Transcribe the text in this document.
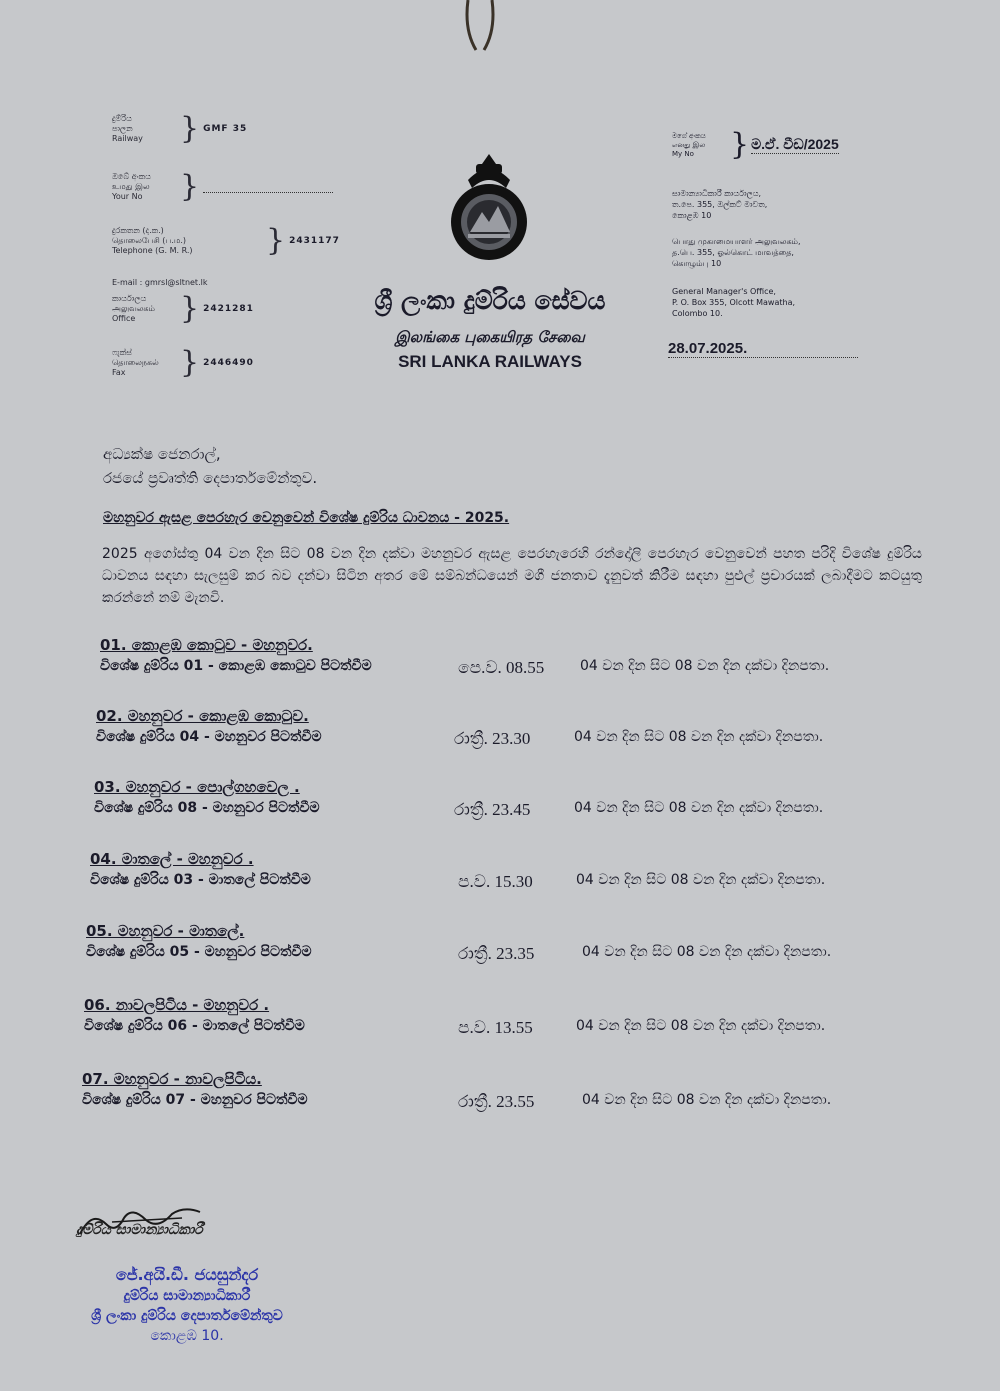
දුම්රිය
පාලන
Railway	} GMF 35
ඔබේ අංකය
உமது இல
Your No	}
දුරකතන (ද.ක.)
தொலைபேசி (ப.ம.)
Telephone (G. M. R.)	} 2431177
E-mail : gmrsl@sltnet.lk
කාර්යාලය
அலுவலகம்
Office	} 2421281
ෆැක්ස්
தொலைநகல்
Fax	} 2446490
ශ්‍රී ලංකා දුම්රිය සේවය
இலங்கை புகையிரத சேவை
SRI LANKA RAILWAYS
මගේ අංකය
எனது இல
My No	} ම.ඒ. වීඩ/2025
සාමාන්‍යාධිකාරී කාර්යාලය,
ත.පෙ. 355, ඔල්කට් මාවත,
කොළඹ 10
பொது முகாமையாளர் அலுவலகம்,
த.பெ. 355, ஓல்கொட் மாவத்தை,
கொழும்பு 10
General Manager's Office,
P. O. Box 355, Olcott Mawatha,
Colombo 10.
28.07.2025.
අධ්‍යක්ෂ ජෙනරාල්,
රජයේ ප්‍රවෘත්ති දෙපාර්තමේන්තුව.
මහනුවර ඇසළ පෙරහැර වෙනුවෙන් විශේෂ දුම්රිය ධාවනය - 2025.
2025 අගෝස්තු 04 වන දින සිට 08 වන දින දක්වා මහනුවර ඇසළ පෙරහැරෙහි රන්දෝලි පෙරහැර වෙනුවෙන් පහත පරිදි විශේෂ දුම්රිය ධාවනය සඳහා සැලසුම් කර බව දන්වා සිටින අතර මේ සම්බන්ධයෙන් මගී ජනතාව දැනුවත් කිරීම සඳහා පුළුල් ප්‍රචාරයක් ලබාදීමට කටයුතු කරන්නේ නම් මැනවි.
01. කොළඹ කොටුව - මහනුවර.
විශේෂ දුම්රිය 01 - කොළඹ කොටුව පිටත්වීම	පෙ.ව. 08.55	04 වන දින සිට 08 වන දින දක්වා දිනපතා.
02. මහනුවර - කොළඹ කොටුව.
විශේෂ දුම්රිය 04 - මහනුවර පිටත්වීම	රාත්‍රී. 23.30	04 වන දින සිට 08 වන දින දක්වා දිනපතා.
03. මහනුවර - පොල්ගහවෙල .
විශේෂ දුම්රිය 08 - මහනුවර පිටත්වීම	රාත්‍රී. 23.45	04 වන දින සිට 08 වන දින දක්වා දිනපතා.
04. මාතලේ - මහනුවර .
විශේෂ දුම්රිය 03 - මාතලේ පිටත්වීම	ප.ව. 15.30	04 වන දින සිට 08 වන දින දක්වා දිනපතා.
05. මහනුවර - මාතලේ.
විශේෂ දුම්රිය 05 - මහනුවර පිටත්වීම	රාත්‍රී. 23.35	04 වන දින සිට 08 වන දින දක්වා දිනපතා.
06. නාවලපිටිය - මහනුවර .
විශේෂ දුම්රිය 06 - මාතලේ පිටත්වීම	ප.ව. 13.55	04 වන දින සිට 08 වන දින දක්වා දිනපතා.
07. මහනුවර - නාවලපිටිය.
විශේෂ දුම්රිය 07 - මහනුවර පිටත්වීම	රාත්‍රී. 23.55	04 වන දින සිට 08 වන දින දක්වා දිනපතා.
දුම්රිය සාමාන්‍යාධිකාරී
ජේ.අයි.ඩී. ජයසුන්දර
දුම්රිය සාමාන්‍යාධිකාරී
ශ්‍රී ලංකා දුම්රිය දෙපාර්තමේන්තුව
කොළඹ 10.
